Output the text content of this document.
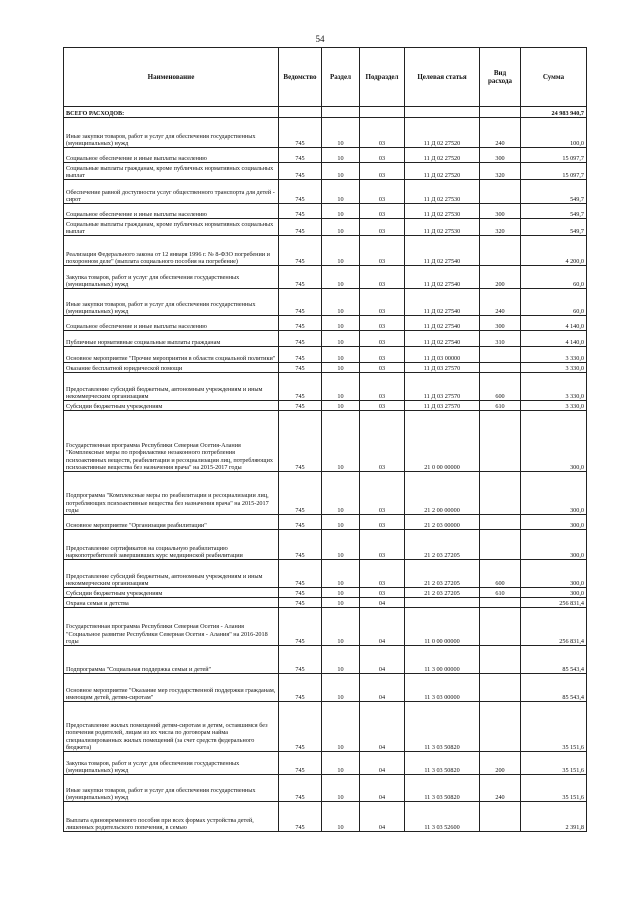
54
Наименование	Ведомство	Раздел	Подраздел	Целевая статья	Вид расхода	Сумма
ВСЕГО РАСХОДОВ:						24 983 940,7
Иные закупки товаров, работ и услуг для обеспечения государственных (муниципальных) нужд	745	10	03	11 Д 02 27520	240	100,0
Социальное обеспечение и иные выплаты населению	745	10	03	11 Д 02 27520	300	15 097,7
Социальные выплаты гражданам, кроме публичных нормативных социальных выплат	745	10	03	11 Д 02 27520	320	15 097,7
Обеспечение равной доступности услуг общественного транспорта для детей - сирот	745	10	03	11 Д 02 27530		549,7
Социальное обеспечение и иные выплаты населению	745	10	03	11 Д 02 27530	300	549,7
Социальные выплаты гражданам, кроме публичных нормативных социальных выплат	745	10	03	11 Д 02 27530	320	549,7
Реализация Федерального закона от 12 января 1996 г. № 8-ФЗО погребении и похоронном деле" (выплата социального пособия на погребение)	745	10	03	11 Д 02 27540		4 200,0
Закупка товаров, работ и услуг для обеспечения государственных (муниципальных) нужд	745	10	03	11 Д 02 27540	200	60,0
Иные закупки товаров, работ и услуг для обеспечения государственных (муниципальных) нужд	745	10	03	11 Д 02 27540	240	60,0
Социальное обеспечение и иные выплаты населению	745	10	03	11 Д 02 27540	300	4 140,0
Публичные нормативные социальные выплаты гражданам	745	10	03	11 Д 02 27540	310	4 140,0
Основное мероприятие "Прочие мероприятия в области социальной политики"	745	10	03	11 Д 03 00000		3 330,0
Оказание бесплатной юридической помощи	745	10	03	11 Д 03 27570		3 330,0
Предоставление субсидий бюджетным, автономным учреждениям и иным некоммерческим организациям	745	10	03	11 Д 03 27570	600	3 330,0
Субсидии бюджетным учреждениям	745	10	03	11 Д 03 27570	610	3 330,0
Государственная программа Республики Северная Осетия-Алания "Комплексные меры по профилактике незаконного потребления психоактивных веществ, реабилитации и ресоциализации лиц, потребляющих психоактивные вещества без назначения врача" на 2015-2017 годы	745	10	03	21 0 00 00000		300,0
Подпрограмма "Комплексные меры по реабилитации и ресоциализации лиц, потребляющих психоактивные вещества без назначения врача" на 2015-2017 годы	745	10	03	21 2 00 00000		300,0
Основное мероприятие "Организация реабилитации"	745	10	03	21 2 03 00000		300,0
Предоставление сертификатов на социальную реабилитацию наркопотребителей завершивших курс медицинской реабилитации	745	10	03	21 2 03 27205		300,0
Предоставление субсидий бюджетным, автономным учреждениям и иным некоммерческим организациям	745	10	03	21 2 03 27205	600	300,0
Субсидии бюджетным учреждениям	745	10	03	21 2 03 27205	610	300,0
Охрана семьи и детства	745	10	04			256 831,4
Государственная программа Республики Северная Осетия - Алания "Социальное развитие Республики Северная Осетия - Алания" на 2016-2018 годы	745	10	04	11 0 00 00000		256 831,4
Подпрограмма "Социальная поддержка семьи и детей"	745	10	04	11 3 00 00000		85 543,4
Основное мероприятие "Оказание мер государственной поддержки гражданам, имеющим детей, детям-сиротам"	745	10	04	11 3 03 00000		85 543,4
Предоставление жилых помещений детям-сиротам и детям, оставшимся без попечения родителей, лицам из их числа по договорам найма специализированных жилых помещений (за счет средств федерального бюджета)	745	10	04	11 3 03 50820		35 151,6
Закупка товаров, работ и услуг для обеспечения государственных (муниципальных) нужд	745	10	04	11 3 03 50820	200	35 151,6
Иные закупки товаров, работ и услуг для обеспечения государственных (муниципальных) нужд	745	10	04	11 3 03 50820	240	35 151,6
Выплата единовременного пособия при всех формах устройства детей, лишенных родительского попечения, в семью	745	10	04	11 3 03 52600		2 391,8
